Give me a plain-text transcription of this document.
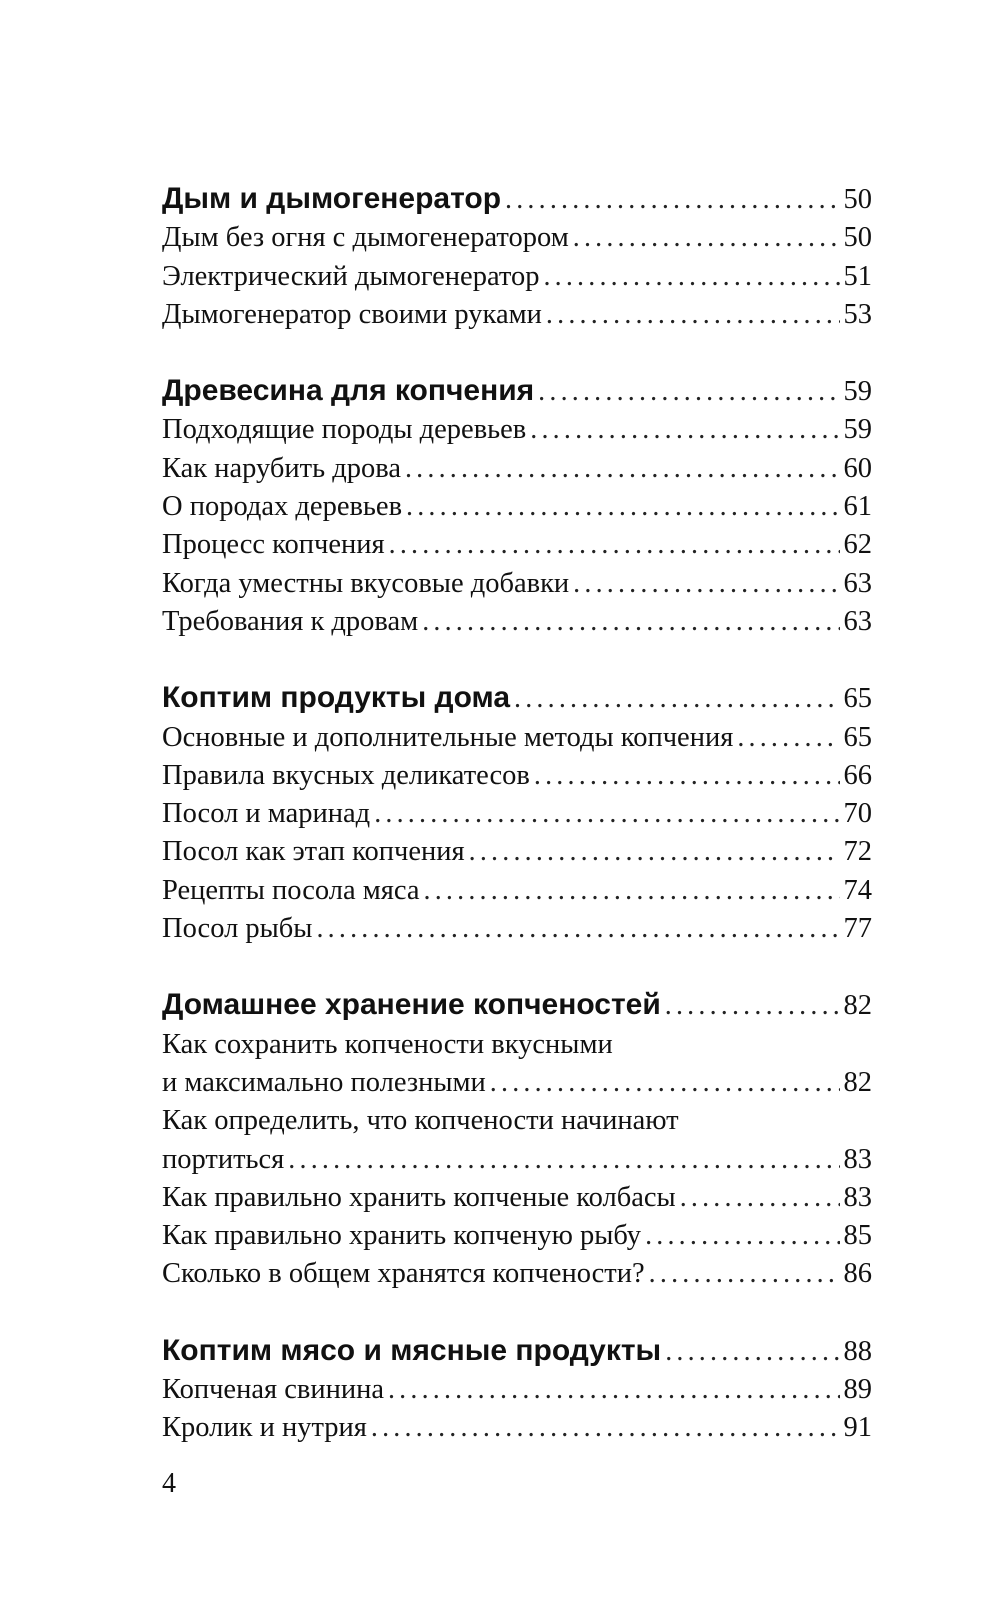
Дым и дымогенератор . . .	50
Дым без огня с дымогенератором . . .	50
Электрический дымогенератор . . .	51
Дымогенератор своими руками . . .	53
Древесина для копчения . . .	59
Подходящие породы деревьев . . .	59
Как нарубить дрова . . .	60
О породах деревьев . . .	61
Процесс копчения . . .	62
Когда уместны вкусовые добавки . . .	63
Требования к дровам . . .	63
Коптим продукты дома . . .	65
Основные и дополнительные методы копчения . . .	65
Правила вкусных деликатесов . . .	66
Посол и маринад . . .	70
Посол как этап копчения . . .	72
Рецепты посола мяса . . .	74
Посол рыбы . . .	77
Домашнее хранение копченостей . . .	82
Как сохранить копчености вкусными
и максимально полезными . . .	82
Как определить, что копчености начинают
портиться . . .	83
Как правильно хранить копченые колбасы . . .	83
Как правильно хранить копченую рыбу . . .	85
Сколько в общем хранятся копчености? . . .	86
Коптим мясо и мясные продукты . . .	88
Копченая свинина . . .	89
Кролик и нутрия . . .	91
4
